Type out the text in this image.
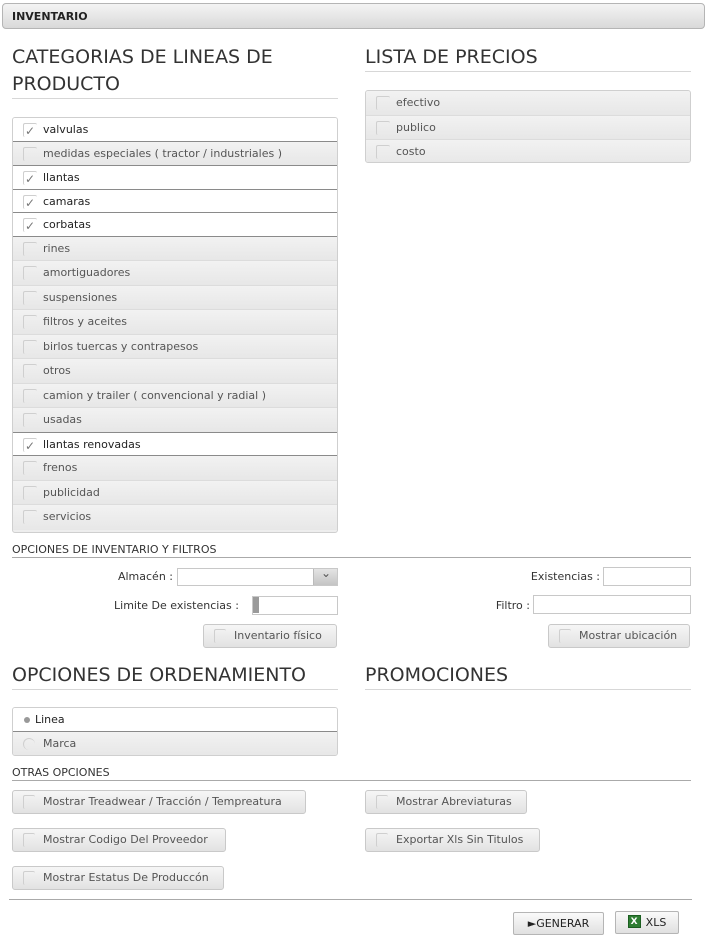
INVENTARIO
CATEGORIAS DE LINEAS DE PRODUCTO
✓
valvulas
medidas especiales ( tractor / industriales )
✓
llantas
✓
camaras
✓
corbatas
rines
amortiguadores
suspensiones
filtros y aceites
birlos tuercas y contrapesos
otros
camion y trailer ( convencional y radial )
usadas
✓
llantas renovadas
frenos
publicidad
servicios
LISTA DE PRECIOS
efectivo
publico
costo
OPCIONES DE INVENTARIO Y FILTROS
Almacén : ⌄	Existencias :
Limite De existencias :	Filtro :
Inventario físico	Mostrar ubicación
OPCIONES DE ORDENAMIENTO	PROMOCIONES
Linea
Marca
OTRAS OPCIONES
Mostrar Treadwear / Tracción / Tempreatura
Mostrar Codigo Del Proveedor
Mostrar Estatus De Produccón
Mostrar Abreviaturas
Exportar Xls Sin Titulos
►GENERAR X	XLS
